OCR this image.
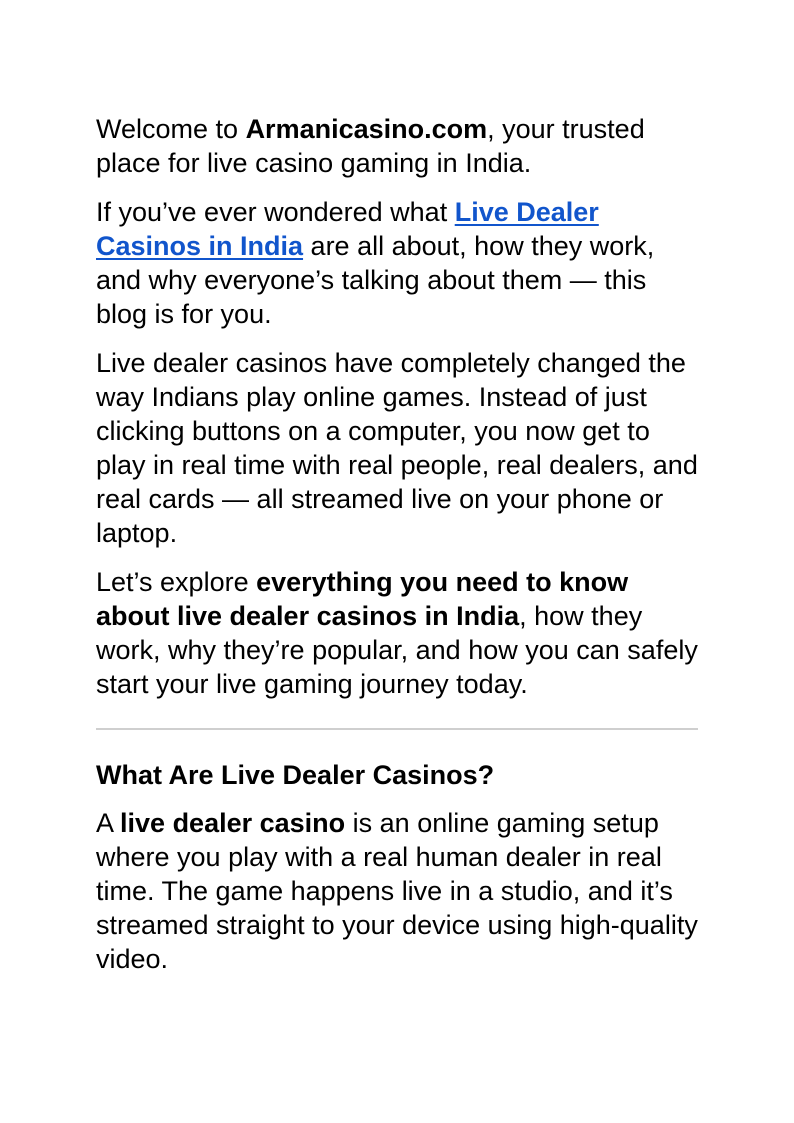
Welcome to Armanicasino.com, your trusted place for live casino gaming in India.

If you’ve ever wondered what Live Dealer Casinos in India are all about, how they work, and why everyone’s talking about them — this blog is for you.

Live dealer casinos have completely changed the way Indians play online games. Instead of just clicking buttons on a computer, you now get to play in real time with real people, real dealers, and real cards — all streamed live on your phone or laptop.

Let’s explore everything you need to know about live dealer casinos in India, how they work, why they’re popular, and how you can safely start your live gaming journey today.

What Are Live Dealer Casinos?

A live dealer casino is an online gaming setup where you play with a real human dealer in real time. The game happens live in a studio, and it’s streamed straight to your device using high-quality video.
